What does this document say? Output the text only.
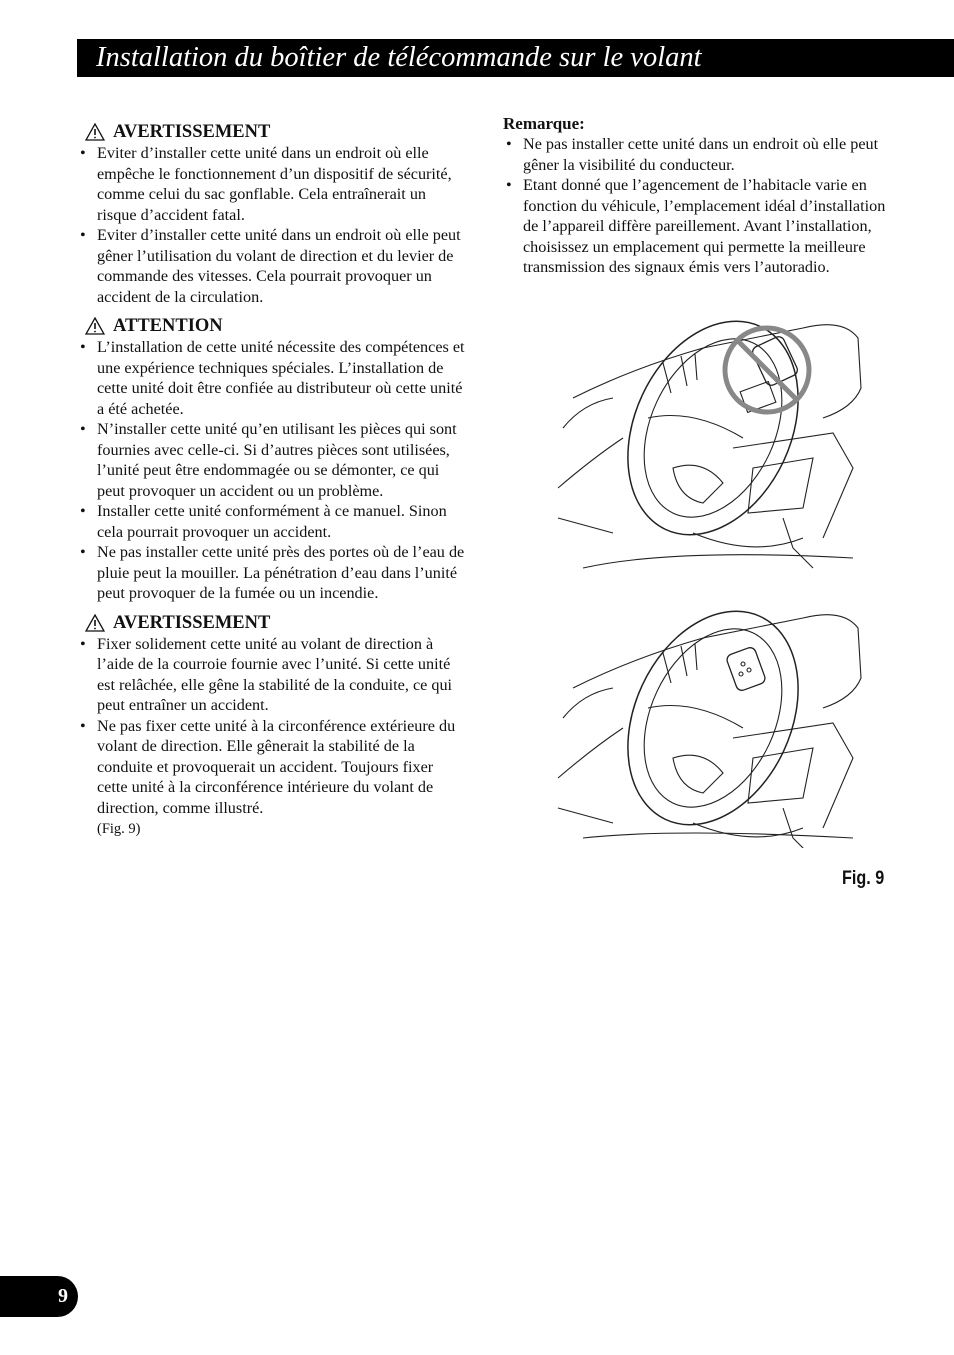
Installation du boîtier de télécommande sur le volant
AVERTISSEMENT
• Eviter d’installer cette unité dans un endroit où elle empêche le fonctionnement d’un dispositif de sécurité, comme celui du sac gonflable. Cela entraînerait un risque d’accident fatal.
• Eviter d’installer cette unité dans un endroit où elle peut gêner l’utilisation du volant de direction et du levier de commande des vitesses. Cela pourrait provoquer un accident de la circulation.
ATTENTION
• L’installation de cette unité nécessite des compétences et une expérience techniques spéciales. L’installation de cette unité doit être confiée au distributeur où cette unité a été achetée.
• N’installer cette unité qu’en utilisant les pièces qui sont fournies avec celle-ci. Si d’autres pièces sont utilisées, l’unité peut être endommagée ou se démonter, ce qui peut provoquer un accident ou un problème.
• Installer cette unité conformément à ce manuel. Sinon cela pourrait provoquer un accident.
• Ne pas installer cette unité près des portes où de l’eau de pluie peut la mouiller. La pénétration d’eau dans l’unité peut provoquer de la fumée ou un incendie.
AVERTISSEMENT
• Fixer solidement cette unité au volant de direction à l’aide de la courroie fournie avec l’unité. Si cette unité est relâchée, elle gêne la stabilité de la conduite, ce qui peut entraîner un accident.
• Ne pas fixer cette unité à la circonférence extérieure du volant de direction. Elle gênerait la stabilité de la conduite et provoquerait un accident. Toujours fixer cette unité à la circonférence intérieure du volant de direction, comme illustré.
(Fig. 9)
Remarque:
• Ne pas installer cette unité dans un endroit où elle peut gêner la visibilité du conducteur.
• Etant donné que l’agencement de l’habitacle varie en fonction du véhicule, l’emplacement idéal d’installation de l’appareil diffère pareillement. Avant l’installation, choisissez un emplacement qui permette la meilleure transmission des signaux émis vers l’autoradio.
Fig. 9
9
